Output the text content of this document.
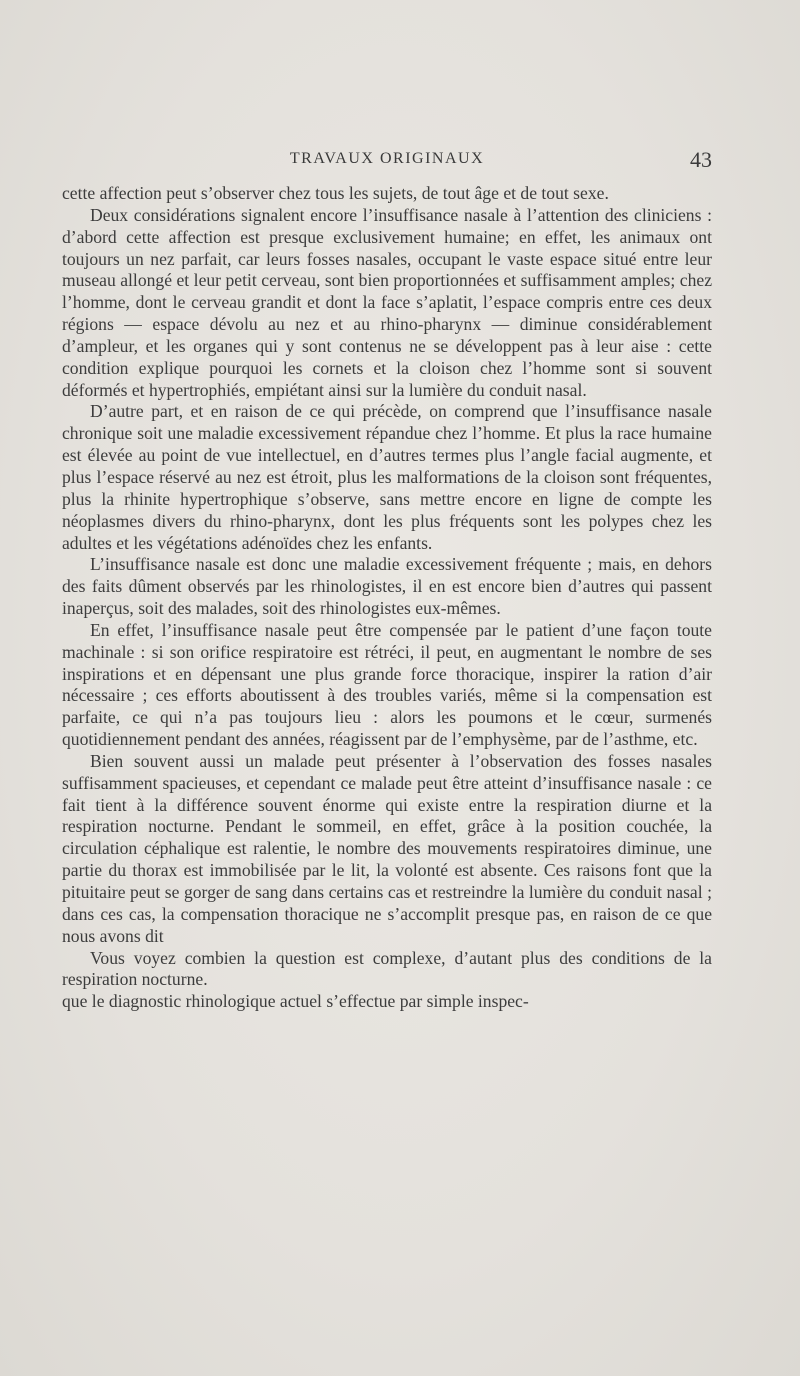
TRAVAUX ORIGINAUX	43

cette affection peut s’observer chez tous les sujets, de tout âge et de tout sexe.

Deux considérations signalent encore l’insuffisance nasale à l’attention des cliniciens : d’abord cette affection est presque exclusivement humaine; en effet, les animaux ont toujours un nez parfait, car leurs fosses nasales, occupant le vaste espace situé entre leur museau allongé et leur petit cerveau, sont bien proportionnées et suffisamment amples; chez l’homme, dont le cerveau grandit et dont la face s’aplatit, l’espace compris entre ces deux régions — espace dévolu au nez et au rhino-pharynx — diminue considérablement d’ampleur, et les organes qui y sont contenus ne se développent pas à leur aise : cette condition explique pourquoi les cornets et la cloison chez l’homme sont si souvent déformés et hypertrophiés, empiétant ainsi sur la lumière du conduit nasal.

D’autre part, et en raison de ce qui précède, on comprend que l’insuffisance nasale chronique soit une maladie excessivement répandue chez l’homme. Et plus la race humaine est élevée au point de vue intellectuel, en d’autres termes plus l’angle facial augmente, et plus l’espace réservé au nez est étroit, plus les malformations de la cloison sont fréquentes, plus la rhinite hypertrophique s’observe, sans mettre encore en ligne de compte les néoplasmes divers du rhino-pharynx, dont les plus fréquents sont les polypes chez les adultes et les végétations adénoïdes chez les enfants.

L’insuffisance nasale est donc une maladie excessivement fréquente ; mais, en dehors des faits dûment observés par les rhinologistes, il en est encore bien d’autres qui passent inaperçus, soit des malades, soit des rhinologistes eux-mêmes.

En effet, l’insuffisance nasale peut être compensée par le patient d’une façon toute machinale : si son orifice respiratoire est rétréci, il peut, en augmentant le nombre de ses inspirations et en dépensant une plus grande force thoracique, inspirer la ration d’air nécessaire ; ces efforts aboutissent à des troubles variés, même si la compensation est parfaite, ce qui n’a pas toujours lieu : alors les poumons et le cœur, surmenés quotidiennement pendant des années, réagissent par de l’emphysème, par de l’asthme, etc.

Bien souvent aussi un malade peut présenter à l’observation des fosses nasales suffisamment spacieuses, et cependant ce malade peut être atteint d’insuffisance nasale : ce fait tient à la différence souvent énorme qui existe entre la respiration diurne et la respiration nocturne. Pendant le sommeil, en effet, grâce à la position couchée, la circulation céphalique est ralentie, le nombre des mouvements respiratoires diminue, une partie du thorax est immobilisée par le lit, la volonté est absente. Ces raisons font que la pituitaire peut se gorger de sang dans certains cas et restreindre la lumière du conduit nasal ; dans ces cas, la compensation thoracique ne s’accomplit presque pas, en raison de ce que nous avons dit

Vous voyez combien la question est complexe, d’autant plus des conditions de la respiration nocturne.

que le diagnostic rhinologique actuel s’effectue par simple inspec-
